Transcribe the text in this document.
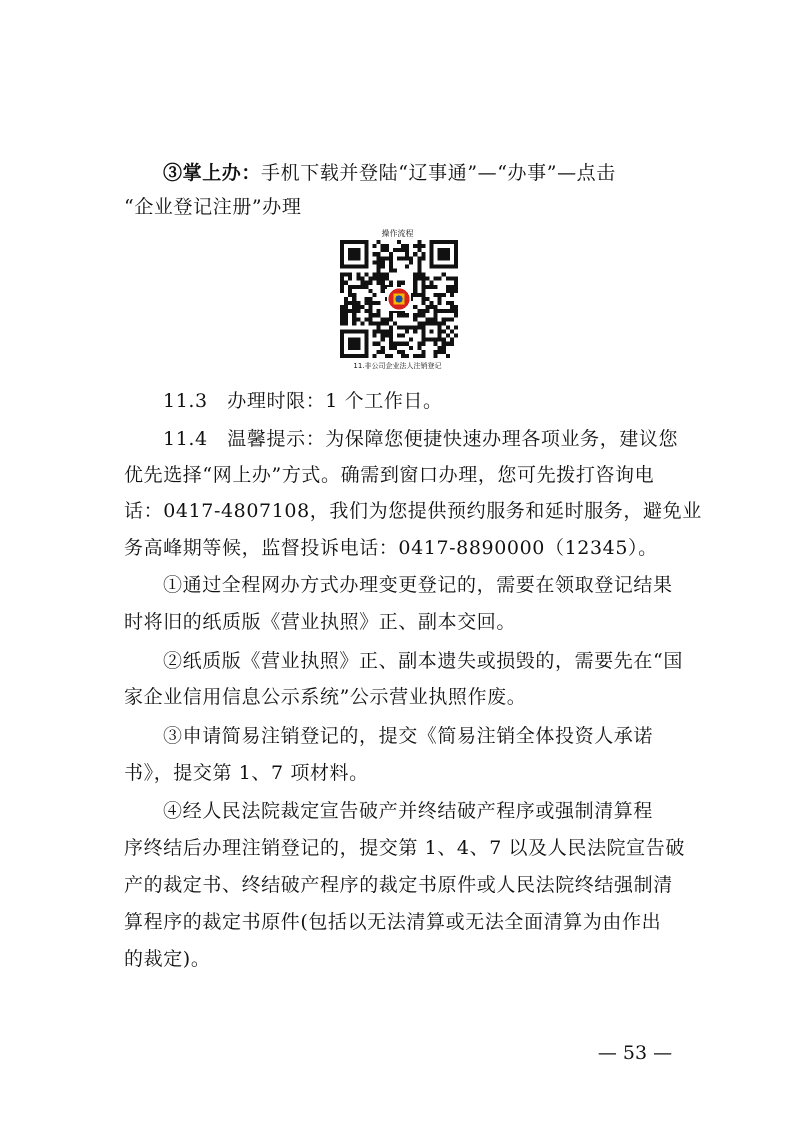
③掌上办：手机下载并登陆“辽事通”—“办事”—点击
“企业登记注册”办理
操作流程
11.非公司企业法人注销登记
11.3　办理时限：1 个工作日。
11.4　温馨提示：为保障您便捷快速办理各项业务，建议您
优先选择“网上办”方式。确需到窗口办理，您可先拨打咨询电
话：0417-4807108，我们为您提供预约服务和延时服务，避免业
务高峰期等候，监督投诉电话：0417-8890000（12345）。
①通过全程网办方式办理变更登记的，需要在领取登记结果
时将旧的纸质版《营业执照》正、副本交回。
②纸质版《营业执照》正、副本遗失或损毁的，需要先在“国
家企业信用信息公示系统”公示营业执照作废。
③申请简易注销登记的，提交《简易注销全体投资人承诺
书》，提交第 1、7 项材料。
④经人民法院裁定宣告破产并终结破产程序或强制清算程
序终结后办理注销登记的，提交第 1、4、7 以及人民法院宣告破
产的裁定书、终结破产程序的裁定书原件或人民法院终结强制清
算程序的裁定书原件(包括以无法清算或无法全面清算为由作出
的裁定)。
— 53 —
